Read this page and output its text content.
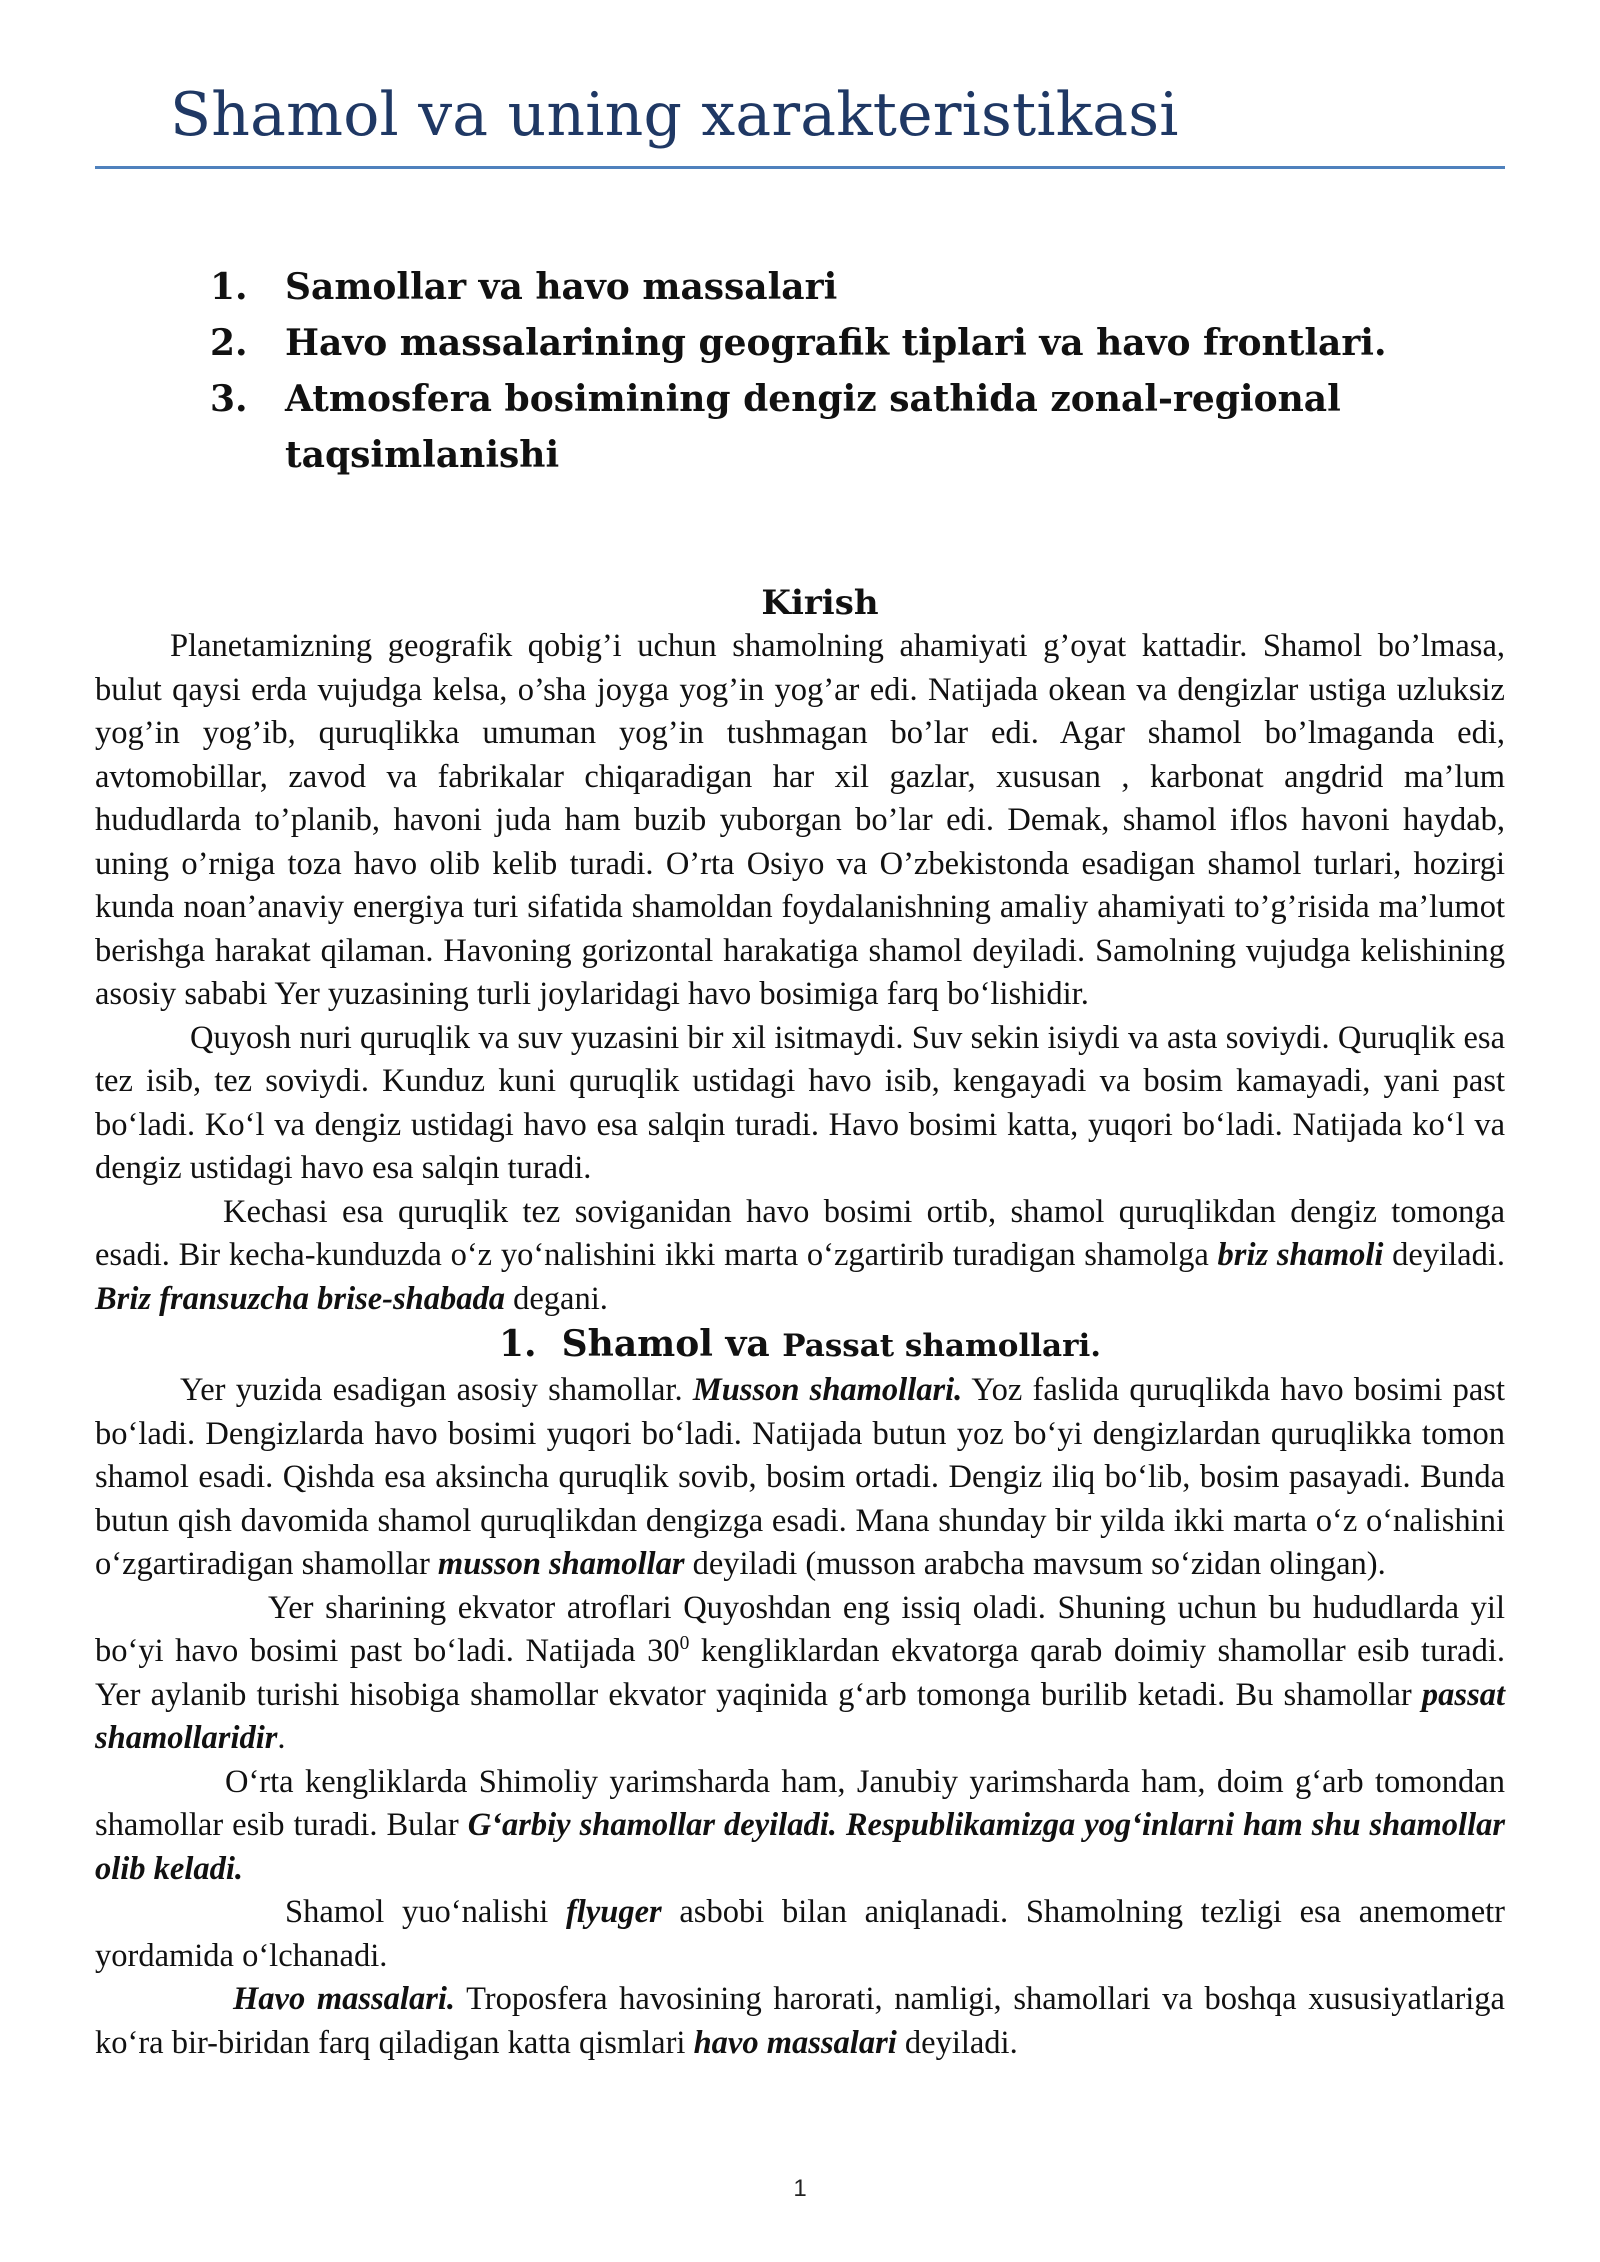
Shamol va uning xarakteristikasi
1.	Samollar va havo massalari
2.	Havo massalarining geografik tiplari va havo frontlari.
3.	Atmosfera bosimining dengiz sathida zonal-regional taqsimlanishi
Kirish

Planetamizning geografik qobig’i uchun shamolning ahamiyati g’oyat kattadir. Shamol bo’lmasa, bulut qaysi erda vujudga kelsa, o’sha joyga yog’in yog’ar edi. Natijada okean va dengizlar ustiga uzluksiz yog’in yog’ib, quruqlikka umuman yog’in tushmagan bo’lar edi. Agar shamol bo’lmaganda edi, avtomobillar, zavod va fabrikalar chiqaradigan har xil gazlar, xususan , karbonat angdrid ma’lum hududlarda to’planib, havoni juda ham buzib yuborgan bo’lar edi. Demak, shamol iflos havoni haydab, uning o’rniga toza havo olib kelib turadi. O’rta Osiyo va O’zbekistonda esadigan shamol turlari, hozirgi kunda noan’anaviy energiya turi sifatida shamoldan foydalanishning amaliy ahamiyati to’g’risida ma’lumot berishga harakat qilaman. Havoning gorizontal harakatiga shamol deyiladi. Samolning vujudga kelishining asosiy sababi Yer yuzasining turli joylaridagi havo bosimiga farq bo‘lishidir.

Quyosh nuri quruqlik va suv yuzasini bir xil isitmaydi. Suv sekin isiydi va asta soviydi. Quruqlik esa tez isib, tez soviydi. Kunduz kuni quruqlik ustidagi havo isib, kengayadi va bosim kamayadi, yani past bo‘ladi. Ko‘l va dengiz ustidagi havo esa salqin turadi. Havo bosimi katta, yuqori bo‘ladi. Natijada ko‘l va dengiz ustidagi havo esa salqin turadi.

Kechasi esa quruqlik tez soviganidan havo bosimi ortib, shamol quruqlikdan dengiz tomonga esadi. Bir kecha-kunduzda o‘z yo‘nalishini ikki marta o‘zgartirib turadigan shamolga briz shamoli deyiladi. Briz fransuzcha brise-shabada degani.

1. Shamol va Passat shamollari.

Yer yuzida esadigan asosiy shamollar. Musson shamollari. Yoz faslida quruqlikda havo bosimi past bo‘ladi. Dengizlarda havo bosimi yuqori bo‘ladi. Natijada butun yoz bo‘yi dengizlardan quruqlikka tomon shamol esadi. Qishda esa aksincha quruqlik sovib, bosim ortadi. Dengiz iliq bo‘lib, bosim pasayadi. Bunda butun qish davomida shamol quruqlikdan dengizga esadi. Mana shunday bir yilda ikki marta o‘z o‘nalishini o‘zgartiradigan shamollar musson shamollar deyiladi (musson arabcha mavsum so‘zidan olingan).

Yer sharining ekvator atroflari Quyoshdan eng issiq oladi. Shuning uchun bu hududlarda yil bo‘yi havo bosimi past bo‘ladi. Natijada $30^0$ kengliklardan ekvatorga qarab doimiy shamollar esib turadi. Yer aylanib turishi hisobiga shamollar ekvator yaqinida g‘arb tomonga burilib ketadi. Bu shamollar passat shamollaridir.

O‘rta kengliklarda Shimoliy yarimsharda ham, Janubiy yarimsharda ham, doim g‘arb tomondan shamollar esib turadi. Bular G‘arbiy shamollar deyiladi. Respublikamizga yog‘inlarni ham shu shamollar olib keladi.

Shamol yuo‘nalishi flyuger asbobi bilan aniqlanadi. Shamolning tezligi esa anemometr yordamida o‘lchanadi.

Havo massalari. Troposfera havosining harorati, namligi, shamollari va boshqa xususiyatlariga ko‘ra bir-biridan farq qiladigan katta qismlari havo massalari deyiladi.

1
